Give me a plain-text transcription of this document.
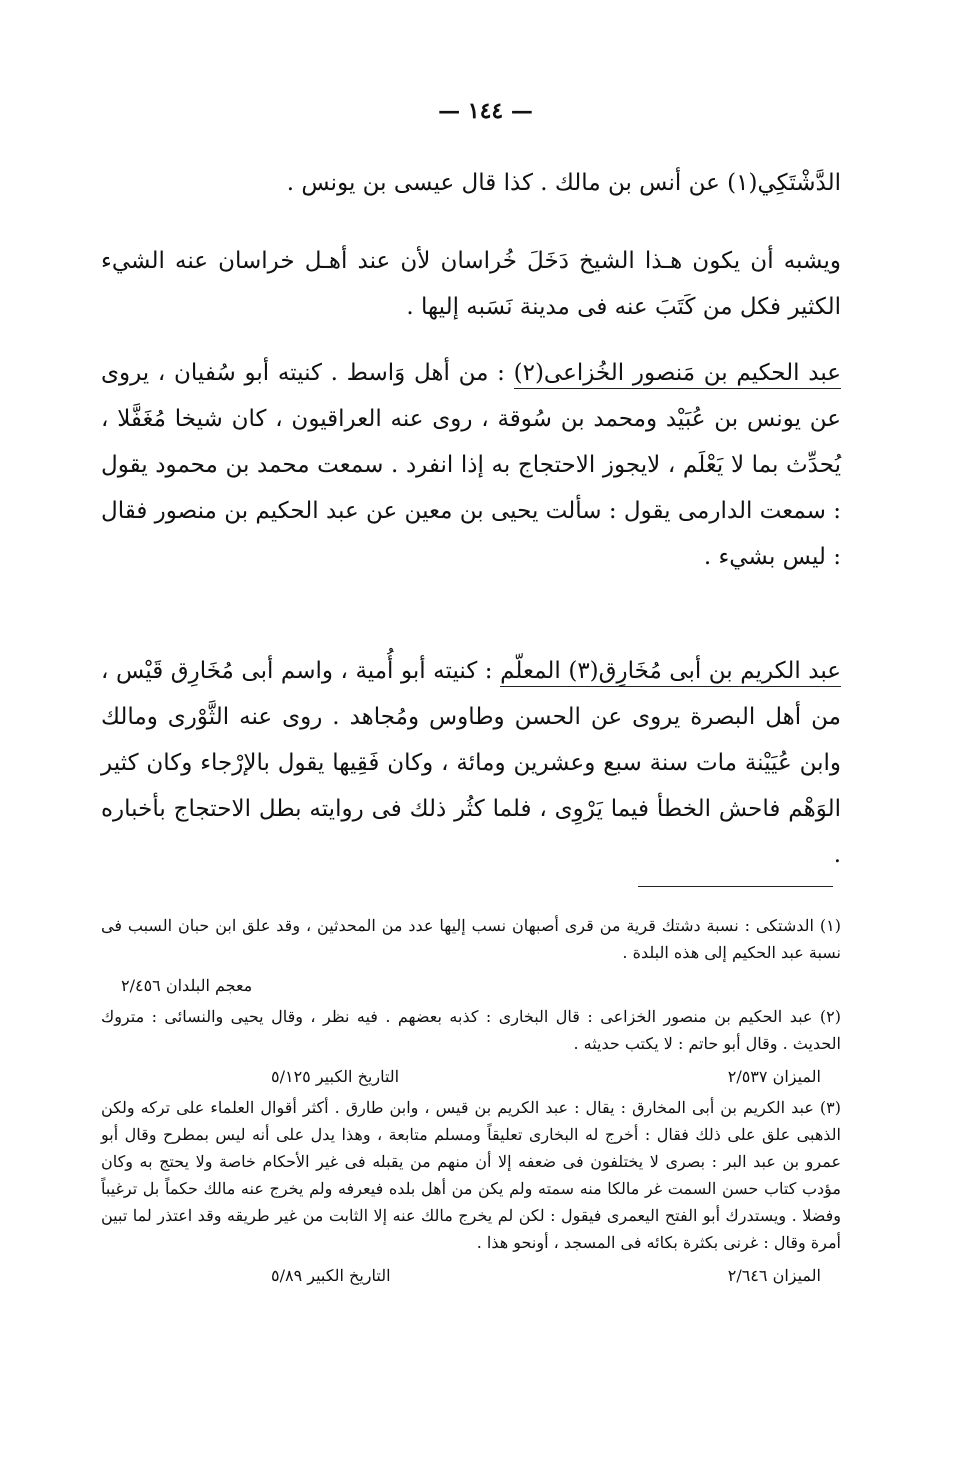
— ١٤٤ —

الدَّشْتَكِي(١) عن أنس بن مالك . كذا قال عيسى بن يونس .

ويشبه أن يكون هـذا الشيخ دَخَلَ خُراسان لأن عند أهـل خراسان عنه الشيء الكثير فكل من كَتَبَ عنه فى مدينة نَسَبه إليها .

عبد الحكيم بن مَنصور الخُزاعى(٢) : من أهل وَاسط . كنيته أبو سُفيان ، يروى عن يونس بن عُبَيْد ومحمد بن سُوقة ، روى عنه العراقيون ، كان شيخا مُغَفَّلا ، يُحدِّث بما لا يَعْلَم ، لايجوز الاحتجاج به إذا انفرد . سمعت محمد بن محمود يقول : سمعت الدارمى يقول : سألت يحيى بن معين عن عبد الحكيم بن منصور فقال : ليس بشيء .

عبد الكريم بن أبى مُخَارِق(٣) المعلّم : كنيته أبو أُمية ، واسم أبى مُخَارِق قَيْس ، من أهل البصرة يروى عن الحسن وطاوس ومُجاهد . روى عنه الثَّوْرى ومالك وابن عُيَيْنة مات سنة سبع وعشرين ومائة ، وكان فَقِيها يقول بالإرْجاء وكان كثير الوَهْم فاحش الخطأ فيما يَرْوِى ، فلما كثُر ذلك فى روايته بطل الاحتجاج بأخباره .

(١) الدشتكى : نسبة دشتك قرية من قرى أصبهان نسب إليها عدد من المحدثين ، وقد علق ابن حبان السبب فى نسبة عبد الحكيم إلى هذه البلدة .

معجم البلدان ٢/٤٥٦

(٢) عبد الحكيم بن منصور الخزاعى : قال البخارى : كذبه بعضهم . فيه نظر ، وقال يحيى والنسائى : متروك الحديث . وقال أبو حاتم : لا يكتب حديثه .

الميزان ٢/٥٣٧
التاريخ الكبير ٥/١٢٥

(٣) عبد الكريم بن أبى المخارق : يقال : عبد الكريم بن قيس ، وابن طارق . أكثر أقوال العلماء على تركه ولكن الذهبى علق على ذلك فقال : أخرج له البخارى تعليقاً ومسلم متابعة ، وهذا يدل على أنه ليس بمطرح وقال أبو عمرو بن عبد البر : بصرى لا يختلفون فى ضعفه إلا أن منهم من يقبله فى غير الأحكام خاصة ولا يحتج به وكان مؤدب كتاب حسن السمت غر مالكا منه سمته ولم يكن من أهل بلده فيعرفه ولم يخرج عنه مالك حكماً بل ترغيباً وفضلا . ويستدرك أبو الفتح اليعمرى فيقول : لكن لم يخرج مالك عنه إلا الثابت من غير طريقه وقد اعتذر لما تبين أمرة وقال : غرنى بكثرة بكائه فى المسجد ، أونحو هذا .

الميزان ٢/٦٤٦
التاريخ الكبير ٥/٨٩
